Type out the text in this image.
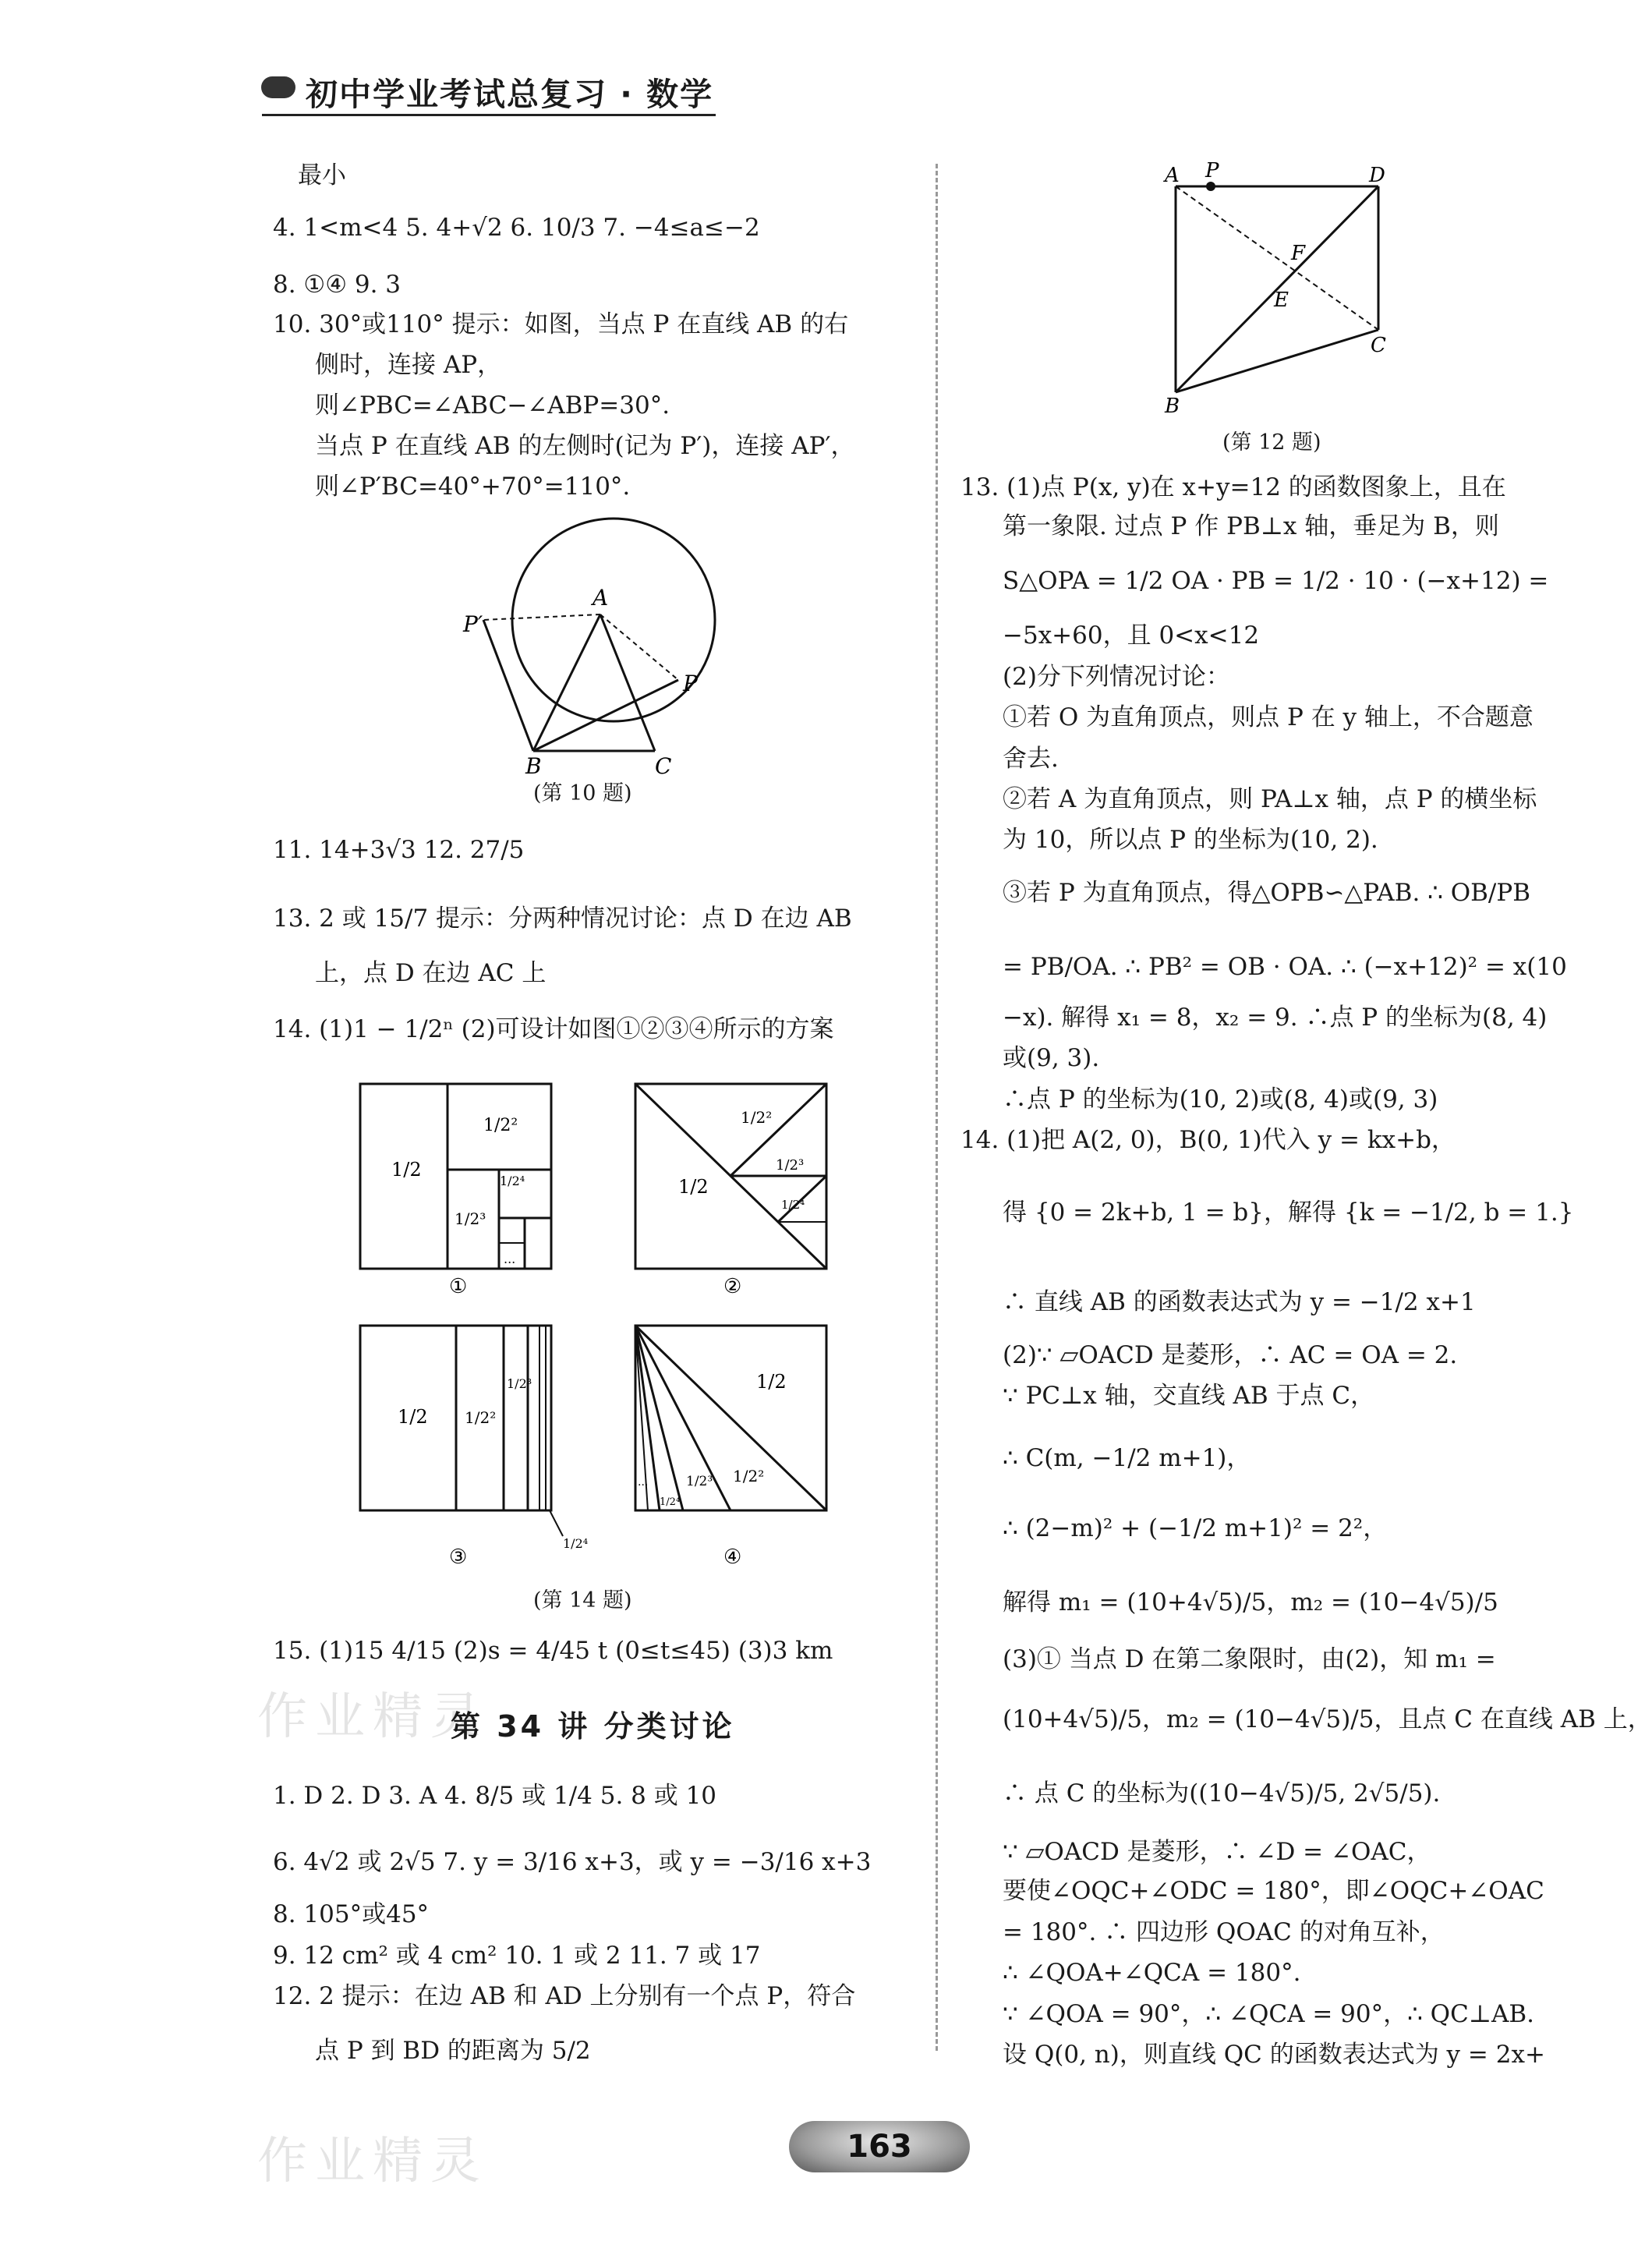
初中学业考试总复习 · 数学
作业精灵
作业精灵
最小
4. 1<m<4 5. 4+√2 6. 10/3 7. −4≤a≤−2
8. ①④ 9. 3
10. 30°或110° 提示：如图，当点 P 在直线 AB 的右
侧时，连接 AP，
则∠PBC=∠ABC−∠ABP=30°.
当点 P 在直线 AB 的左侧时(记为 P′)，连接 AP′，
则∠P′BC=40°+70°=110°.
A
P′
P
B	C
(第 10 题)
11. 14+3√3 12. 27/5
13. 2 或 15/7 提示：分两种情况讨论：点 D 在边 AB
上，点 D 在边 AC 上
14. (1)1 − 1/2ⁿ (2)可设计如图①②③④所示的方案
1/2
1/2²
1/2³
1/2⁴
...
①
1/2
1/2²
1/2³
1/2⁴
②
1/2 1/2²
1/2³
1/2⁴
③
1/2
1/2²
1/2³
1/2⁴
...
④
(第 14 题)
15. (1)15 4/15 (2)s = 4/45 t (0≤t≤45) (3)3 km
第 34 讲 分类讨论
1. D 2. D 3. A 4. 8/5 或 1/4 5. 8 或 10
6. 4√2 或 2√5 7. y = 3/16 x+3，或 y = −3/16 x+3
8. 105°或45°
9. 12 cm² 或 4 cm² 10. 1 或 2 11. 7 或 17
12. 2 提示：在边 AB 和 AD 上分别有一个点 P，符合
点 P 到 BD 的距离为 5/2
A P	D
F
E
C
B
(第 12 题)
13. (1)点 P(x, y)在 x+y=12 的函数图象上，且在
第一象限. 过点 P 作 PB⊥x 轴，垂足为 B，则
S△OPA = 1/2 OA · PB = 1/2 · 10 · (−x+12) =
−5x+60，且 0<x<12
(2)分下列情况讨论：
①若 O 为直角顶点，则点 P 在 y 轴上，不合题意
舍去.
②若 A 为直角顶点，则 PA⊥x 轴，点 P 的横坐标
为 10，所以点 P 的坐标为(10, 2).
③若 P 为直角顶点，得△OPB∽△PAB. ∴ OB/PB
= PB/OA. ∴ PB² = OB · OA. ∴ (−x+12)² = x(10
−x). 解得 x₁ = 8，x₂ = 9. ∴点 P 的坐标为(8, 4)
或(9, 3).
∴点 P 的坐标为(10, 2)或(8, 4)或(9, 3)
14. (1)把 A(2, 0)，B(0, 1)代入 y = kx+b，
得 {0 = 2k+b, 1 = b}，解得 {k = −1/2, b = 1.}
∴ 直线 AB 的函数表达式为 y = −1/2 x+1
(2)∵ ▱OACD 是菱形，∴ AC = OA = 2.
∵ PC⊥x 轴，交直线 AB 于点 C，
∴ C(m, −1/2 m+1)，
∴ (2−m)² + (−1/2 m+1)² = 2²，
解得 m₁ = (10+4√5)/5，m₂ = (10−4√5)/5
(3)① 当点 D 在第二象限时，由(2)，知 m₁ =
(10+4√5)/5，m₂ = (10−4√5)/5，且点 C 在直线 AB 上，
∴ 点 C 的坐标为((10−4√5)/5, 2√5/5).
∵ ▱OACD 是菱形，∴ ∠D = ∠OAC，
要使∠OQC+∠ODC = 180°，即∠OQC+∠OAC
= 180°. ∴ 四边形 QOAC 的对角互补，
∴ ∠QOA+∠QCA = 180°.
∵ ∠QOA = 90°，∴ ∠QCA = 90°，∴ QC⊥AB.
设 Q(0, n)，则直线 QC 的函数表达式为 y = 2x+
163
